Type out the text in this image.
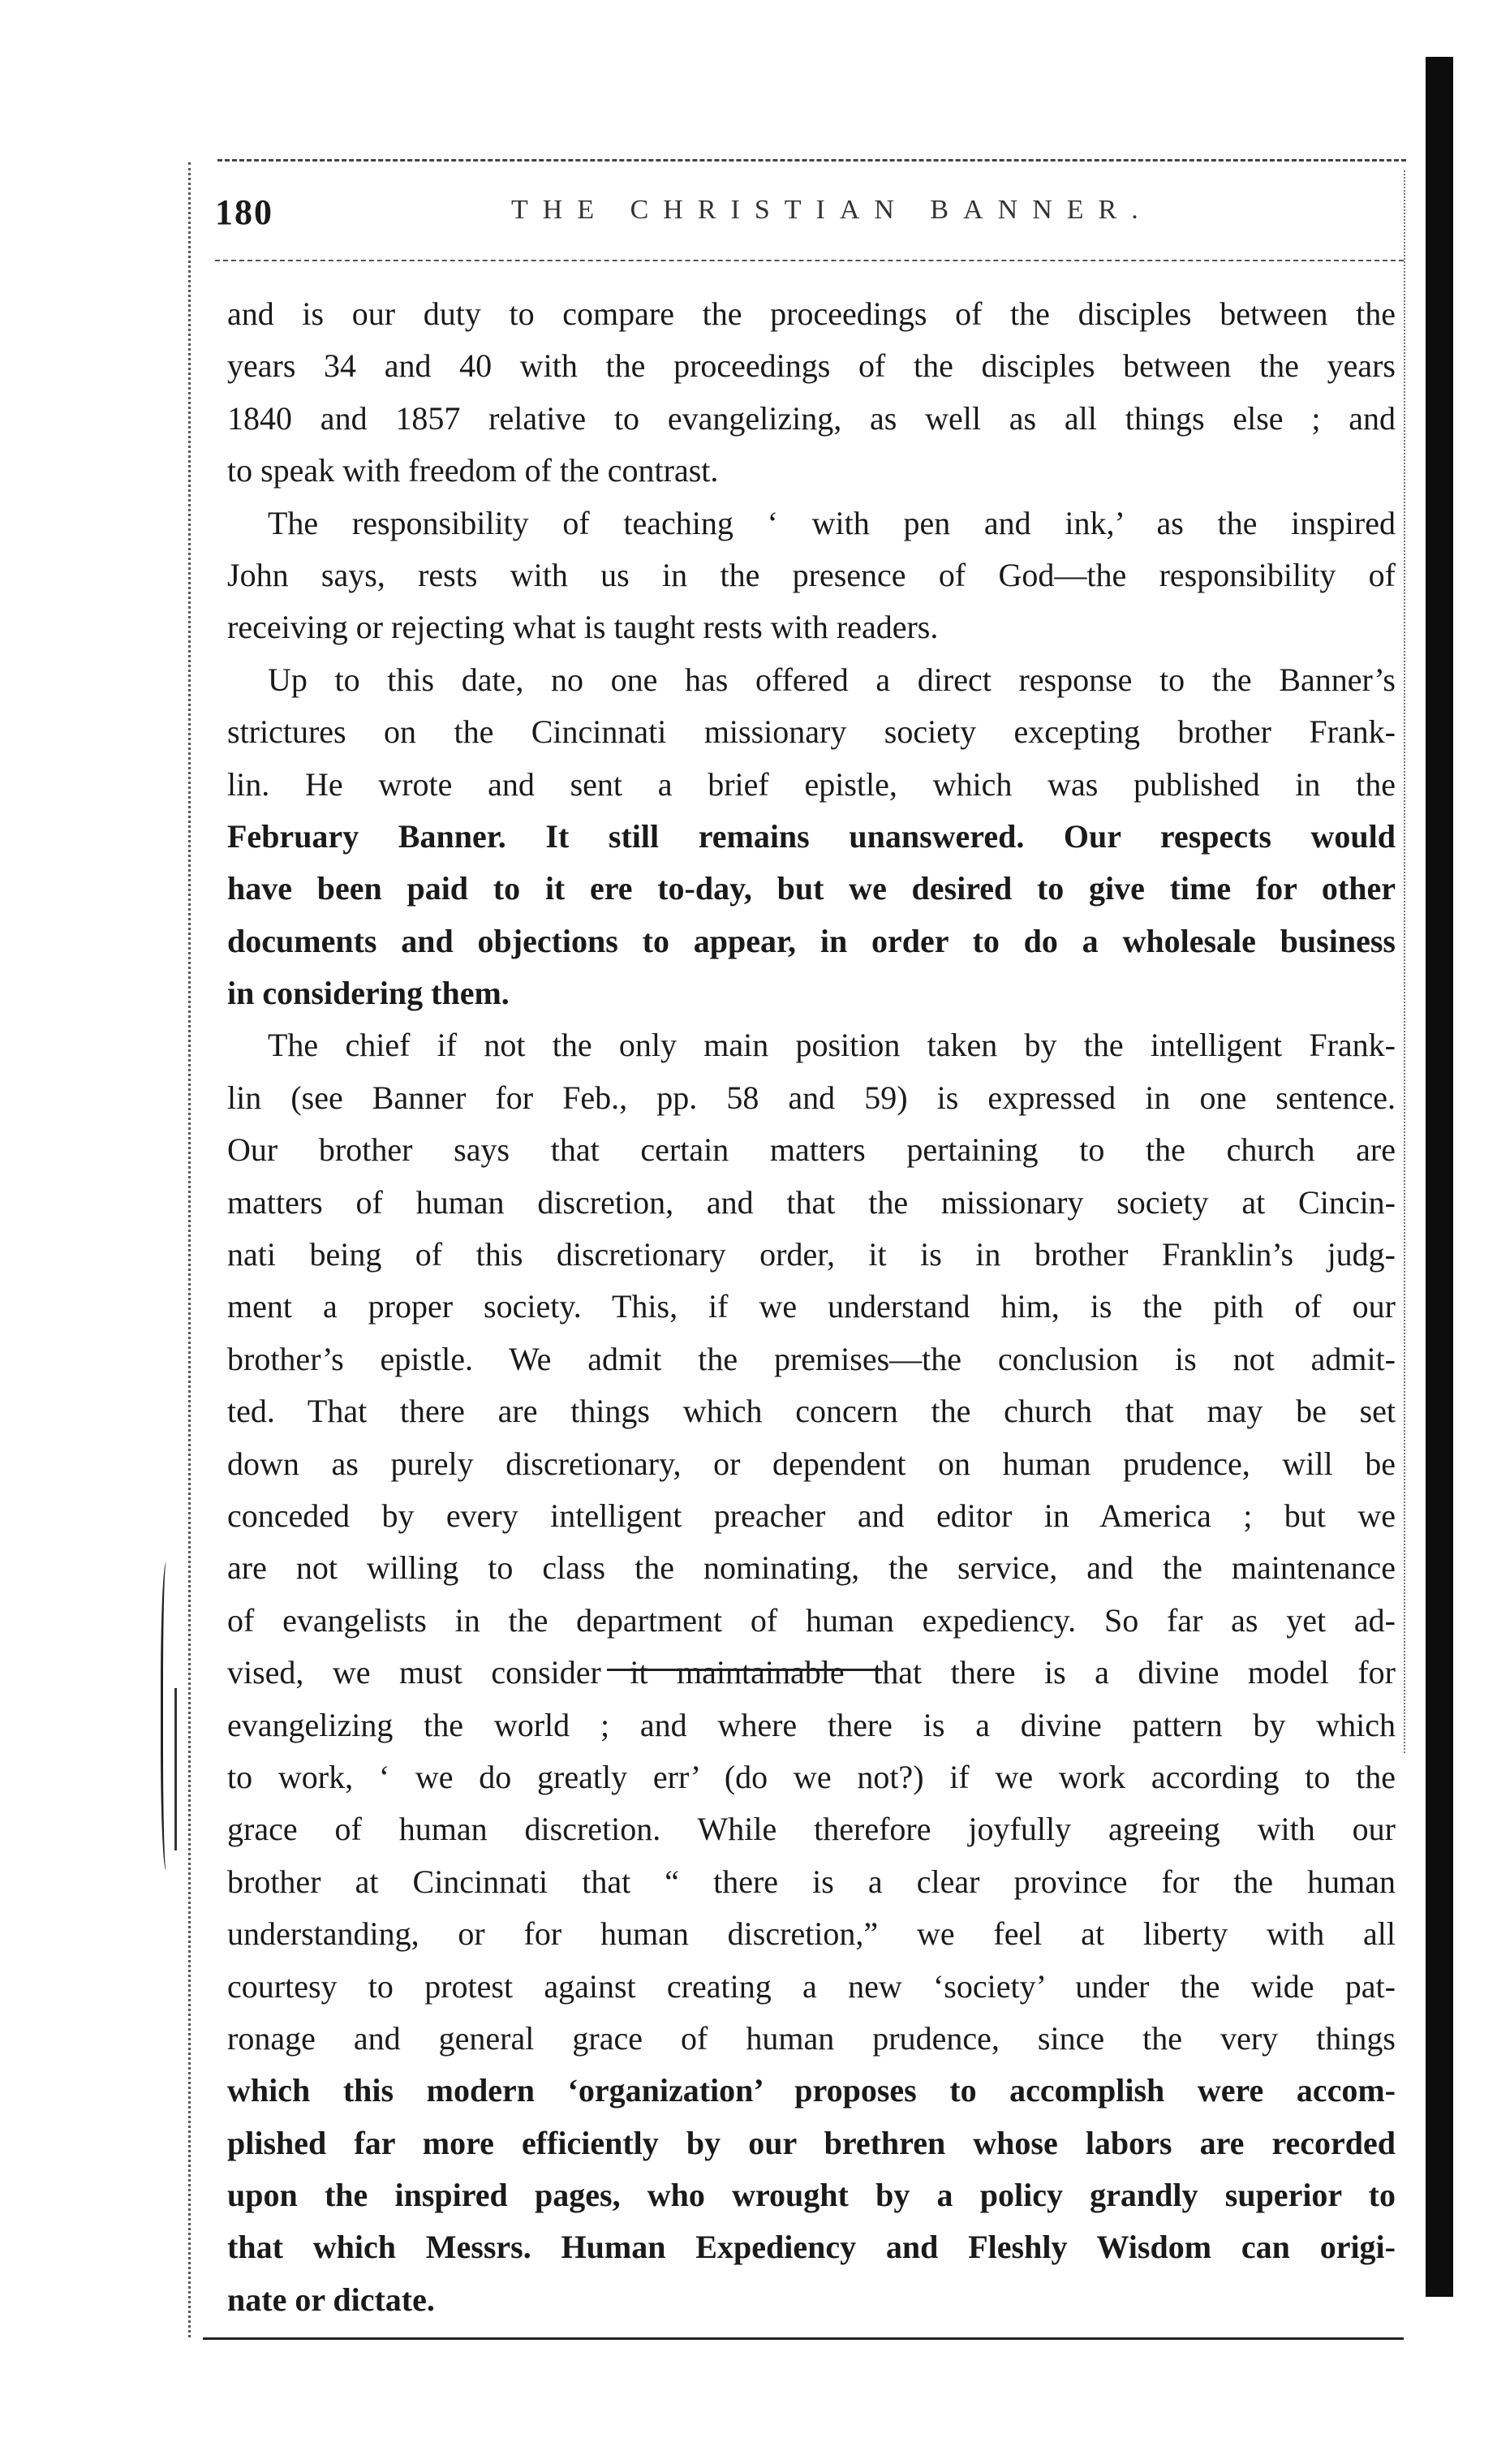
180	THE CHRISTIAN BANNER.
and is our duty to compare the proceedings of the disciples between the
years 34 and 40 with the proceedings of the disciples between the years
1840 and 1857 relative to evangelizing, as well as all things else ; and
to speak with freedom of the contrast.
The responsibility of teaching ‘ with pen and ink,’ as the inspired
John says, rests with us in the presence of God—the responsibility of
receiving or rejecting what is taught rests with readers.
Up to this date, no one has offered a direct response to the Banner’s
strictures on the Cincinnati missionary society excepting brother Frank-
lin. He wrote and sent a brief epistle, which was published in the
February Banner. It still remains unanswered. Our respects would
have been paid to it ere to-day, but we desired to give time for other
documents and objections to appear, in order to do a wholesale business
in considering them.
The chief if not the only main position taken by the intelligent Frank-
lin (see Banner for Feb., pp. 58 and 59) is expressed in one sentence.
Our brother says that certain matters pertaining to the church are
matters of human discretion, and that the missionary society at Cincin-
nati being of this discretionary order, it is in brother Franklin’s judg-
ment a proper society. This, if we understand him, is the pith of our
brother’s epistle. We admit the premises—the conclusion is not admit-
ted. That there are things which concern the church that may be set
down as purely discretionary, or dependent on human prudence, will be
conceded by every intelligent preacher and editor in America ; but we
are not willing to class the nominating, the service, and the maintenance
of evangelists in the department of human expediency. So far as yet ad-
vised, we must consider it maintainable that there is a divine model for
evangelizing the world ; and where there is a divine pattern by which
to work, ‘ we do greatly err’ (do we not?) if we work according to the
grace of human discretion. While therefore joyfully agreeing with our
brother at Cincinnati that “ there is a clear province for the human
understanding, or for human discretion,” we feel at liberty with all
courtesy to protest against creating a new ‘society’ under the wide pat-
ronage and general grace of human prudence, since the very things
which this modern ‘organization’ proposes to accomplish were accom-
plished far more efficiently by our brethren whose labors are recorded
upon the inspired pages, who wrought by a policy grandly superior to
that which Messrs. Human Expediency and Fleshly Wisdom can origi-
nate or dictate.
